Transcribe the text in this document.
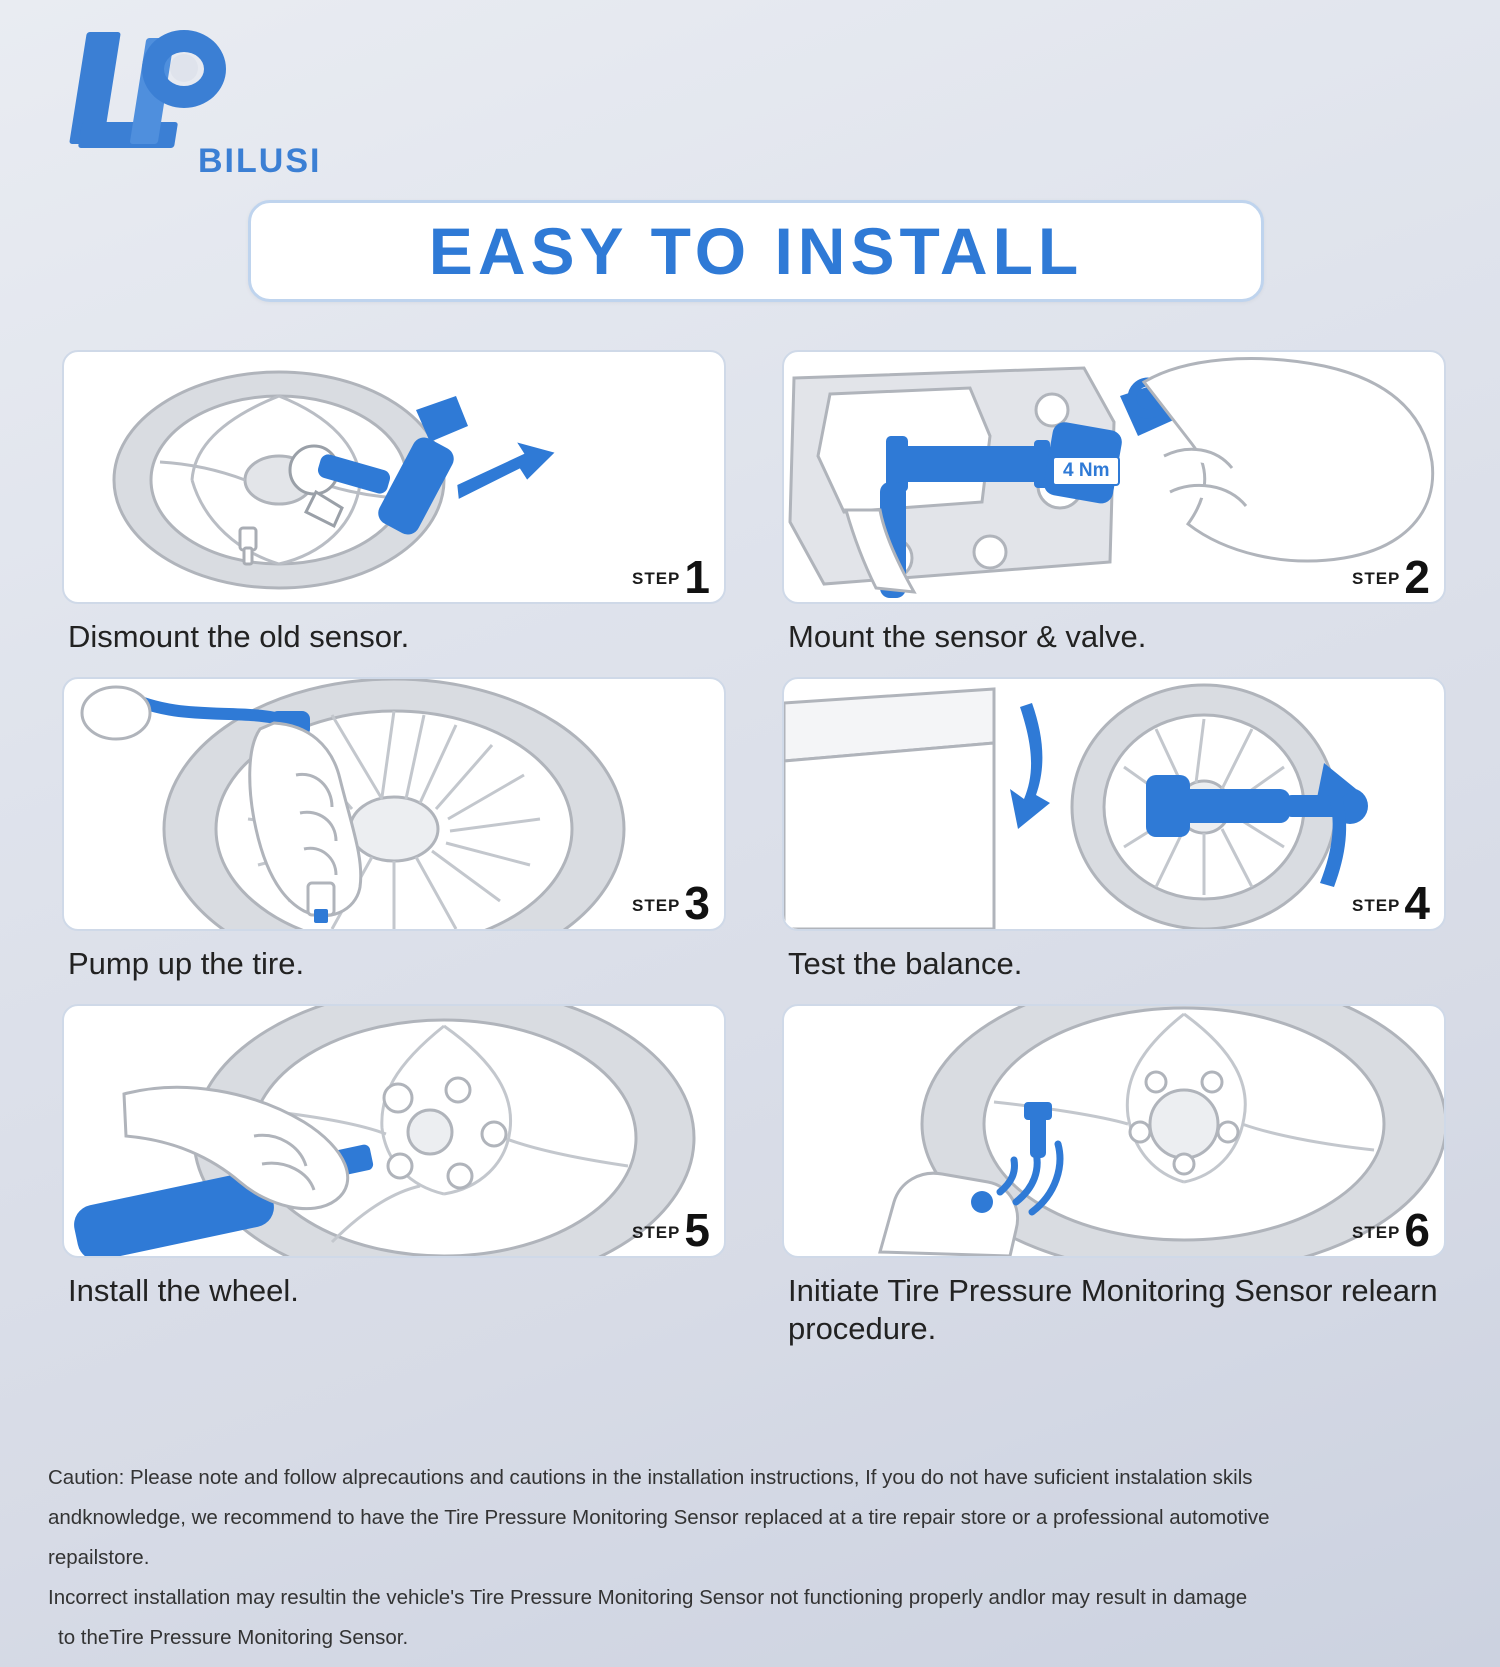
BILUSI
EASY TO INSTALL
STEP 1
Dismount the old sensor.
4 Nm
STEP 2
Mount the sensor & valve.
STEP 3
Pump up the tire.
STEP 4
Test the balance.
STEP 5
Install the wheel.
STEP 6
Initiate Tire Pressure Monitoring Sensor relearn procedure.

Caution: Please note and follow alprecautions and cautions in the installation instructions, If you do not have suficient instalation skils

andknowledge, we recommend to have the Tire Pressure Monitoring Sensor replaced at a tire repair store or a professional automotive

repailstore.

Incorrect installation may resultin the vehicle's Tire Pressure Monitoring Sensor not functioning properly andlor may result in damage

to theTire Pressure Monitoring Sensor.
